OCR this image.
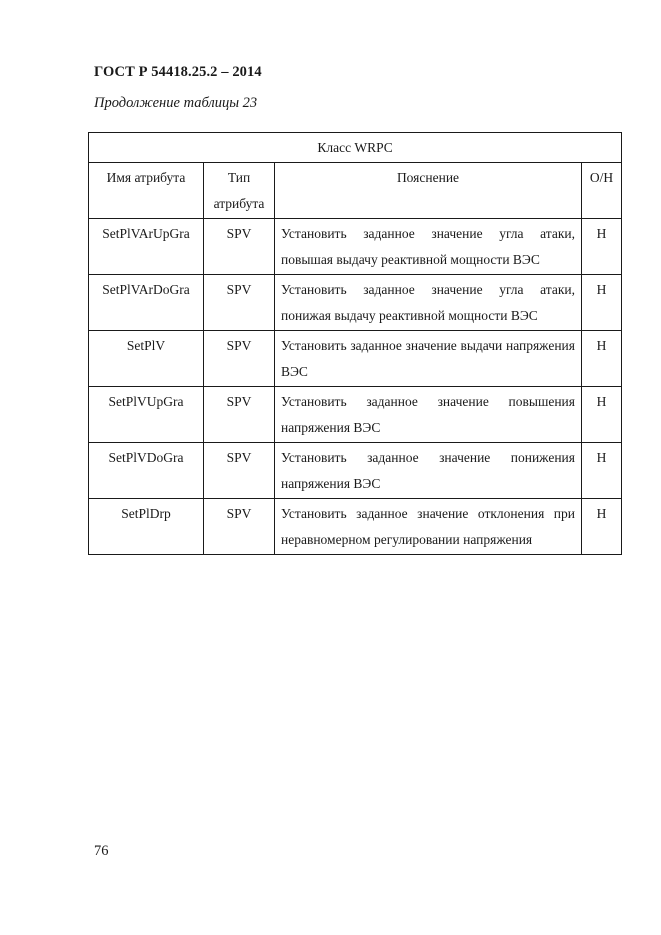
ГОСТ Р 54418.25.2 – 2014
Продолжение таблицы 23
Класс WRPC			
Имя атрибута	Тип атрибута	Пояснение	О/Н
SetPlVArUpGra	SPV	Установить заданное значение угла атаки, повышая выдачу реактивной мощности ВЭС	Н
SetPlVArDoGra	SPV	Установить заданное значение угла атаки, понижая выдачу реактивной мощности ВЭС	Н
SetPlV	SPV	Установить заданное значение выдачи напряжения ВЭС	Н
SetPlVUpGra	SPV	Установить заданное значение повышения напряжения ВЭС	Н
SetPlVDoGra	SPV	Установить заданное значение понижения напряжения ВЭС	Н
SetPlDrp	SPV	Установить заданное значение отклонения при неравномерном регулировании напряжения	Н
76
